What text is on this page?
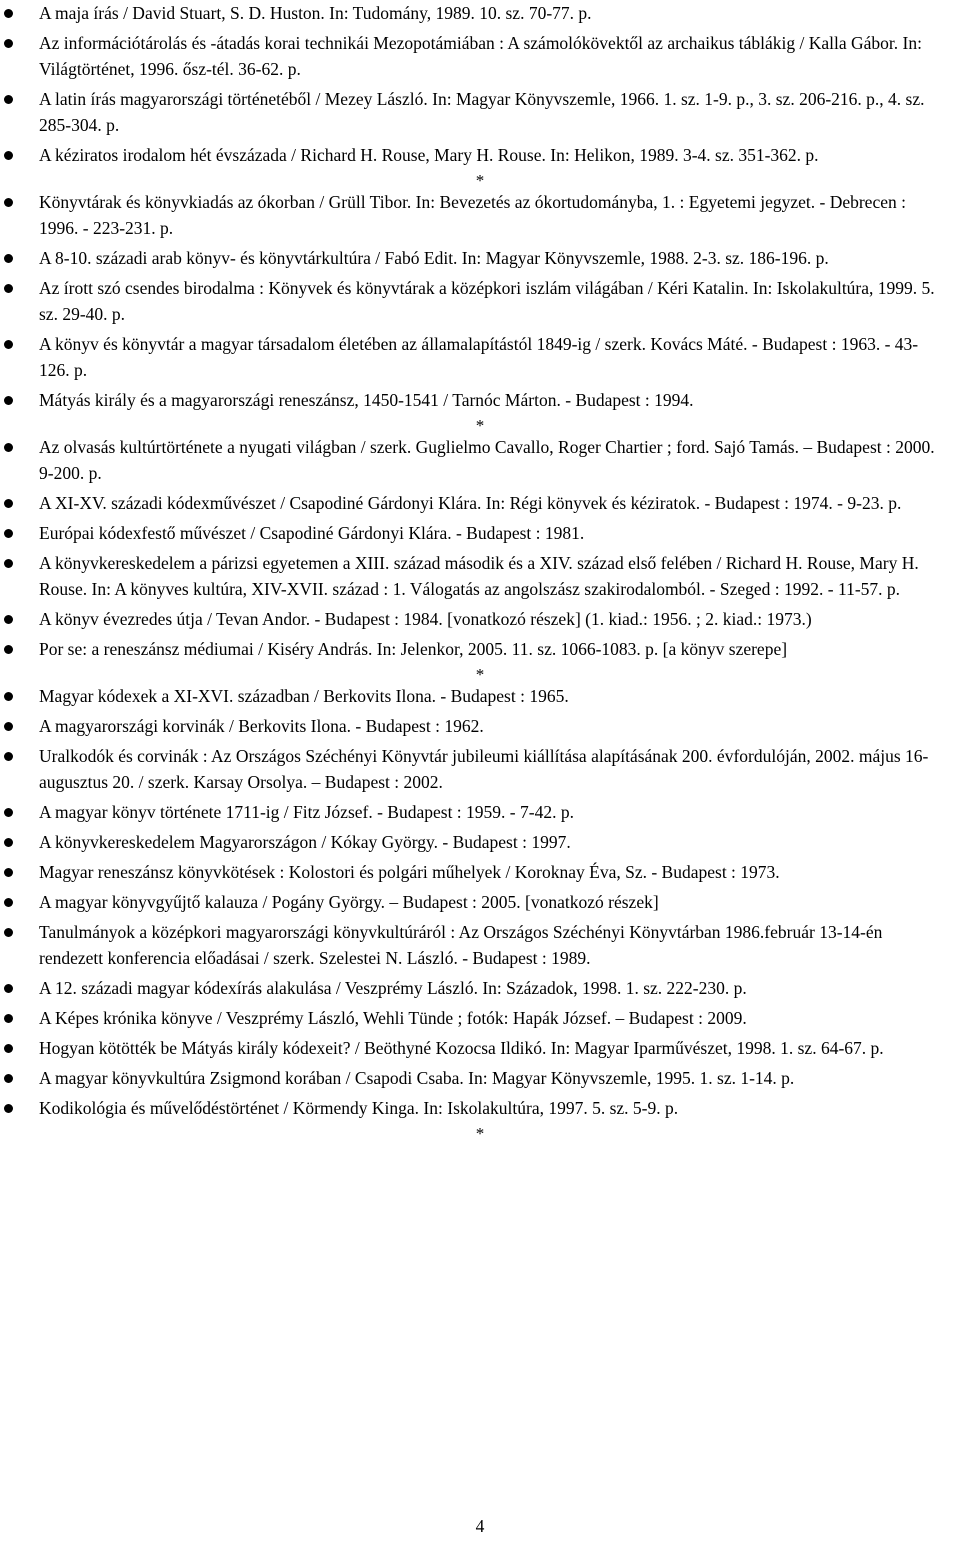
A maja írás / David Stuart, S. D. Huston. In: Tudomány, 1989. 10. sz. 70-77. p.
Az információtárolás és -átadás korai technikái Mezopotámiában : A számolókövektől az archaikus táblákig / Kalla Gábor. In: Világtörténet, 1996. ősz-tél. 36-62. p.
A latin írás magyarországi történetéből / Mezey László. In: Magyar Könyvszemle, 1966. 1. sz. 1-9. p., 3. sz. 206-216. p., 4. sz. 285-304. p.
A kéziratos irodalom hét évszázada / Richard H. Rouse, Mary H. Rouse. In: Helikon, 1989. 3-4. sz. 351-362. p.
*
Könyvtárak és könyvkiadás az ókorban / Grüll Tibor. In: Bevezetés az ókortudományba, 1. : Egyetemi jegyzet. - Debrecen : 1996. - 223-231. p.
A 8-10. századi arab könyv- és könyvtárkultúra / Fabó Edit. In: Magyar Könyvszemle, 1988. 2-3. sz. 186-196. p.
Az írott szó csendes birodalma : Könyvek és könyvtárak a középkori iszlám világában / Kéri Katalin. In: Iskolakultúra, 1999. 5. sz. 29-40. p.
A könyv és könyvtár a magyar társadalom életében az államalapítástól 1849-ig / szerk. Kovács Máté. - Budapest : 1963. - 43-126. p.
Mátyás király és a magyarországi reneszánsz, 1450-1541 / Tarnóc Márton. - Budapest : 1994.
*
Az olvasás kultúrtörténete a nyugati világban / szerk. Guglielmo Cavallo, Roger Chartier ; ford. Sajó Tamás. – Budapest : 2000. 9-200. p.
A XI-XV. századi kódexművészet / Csapodiné Gárdonyi Klára. In: Régi könyvek és kéziratok. - Budapest : 1974. - 9-23. p.
Európai kódexfestő művészet / Csapodiné Gárdonyi Klára. - Budapest : 1981.
A könyvkereskedelem a párizsi egyetemen a XIII. század második és a XIV. század első felében / Richard H. Rouse, Mary H. Rouse. In: A könyves kultúra, XIV-XVII. század : 1. Válogatás az angolszász szakirodalomból. - Szeged : 1992. - 11-57. p.
A könyv évezredes útja / Tevan Andor. - Budapest : 1984. [vonatkozó részek] (1. kiad.: 1956. ; 2. kiad.: 1973.)
Por se: a reneszánsz médiumai / Kiséry András. In: Jelenkor, 2005. 11. sz. 1066-1083. p. [a könyv szerepe]
*
Magyar kódexek a XI-XVI. században / Berkovits Ilona. - Budapest : 1965.
A magyarországi korvinák / Berkovits Ilona. - Budapest : 1962.
Uralkodók és corvinák : Az Országos Széchényi Könyvtár jubileumi kiállítása alapításának 200. évfordulóján, 2002. május 16-augusztus 20. / szerk. Karsay Orsolya. – Budapest : 2002.
A magyar könyv története 1711-ig / Fitz József. - Budapest : 1959. - 7-42. p.
A könyvkereskedelem Magyarországon / Kókay György. - Budapest : 1997.
Magyar reneszánsz könyvkötések : Kolostori és polgári műhelyek / Koroknay Éva, Sz. - Budapest : 1973.
A magyar könyvgyűjtő kalauza / Pogány György. – Budapest : 2005. [vonatkozó részek]
Tanulmányok a középkori magyarországi könyvkultúráról : Az Országos Széchényi Könyvtárban 1986.február 13-14-én rendezett konferencia előadásai / szerk. Szelestei N. László. - Budapest : 1989.
A 12. századi magyar kódexírás alakulása / Veszprémy László. In: Századok, 1998. 1. sz. 222-230. p.
A Képes krónika könyve / Veszprémy László, Wehli Tünde ; fotók: Hapák József. – Budapest : 2009.
Hogyan kötötték be Mátyás király kódexeit? / Beöthyné Kozocsa Ildikó. In: Magyar Iparművészet, 1998. 1. sz. 64-67. p.
A magyar könyvkultúra Zsigmond korában / Csapodi Csaba. In: Magyar Könyvszemle, 1995. 1. sz. 1-14. p.
Kodikológia és művelődéstörténet / Körmendy Kinga. In: Iskolakultúra, 1997. 5. sz. 5-9. p.
*
4
